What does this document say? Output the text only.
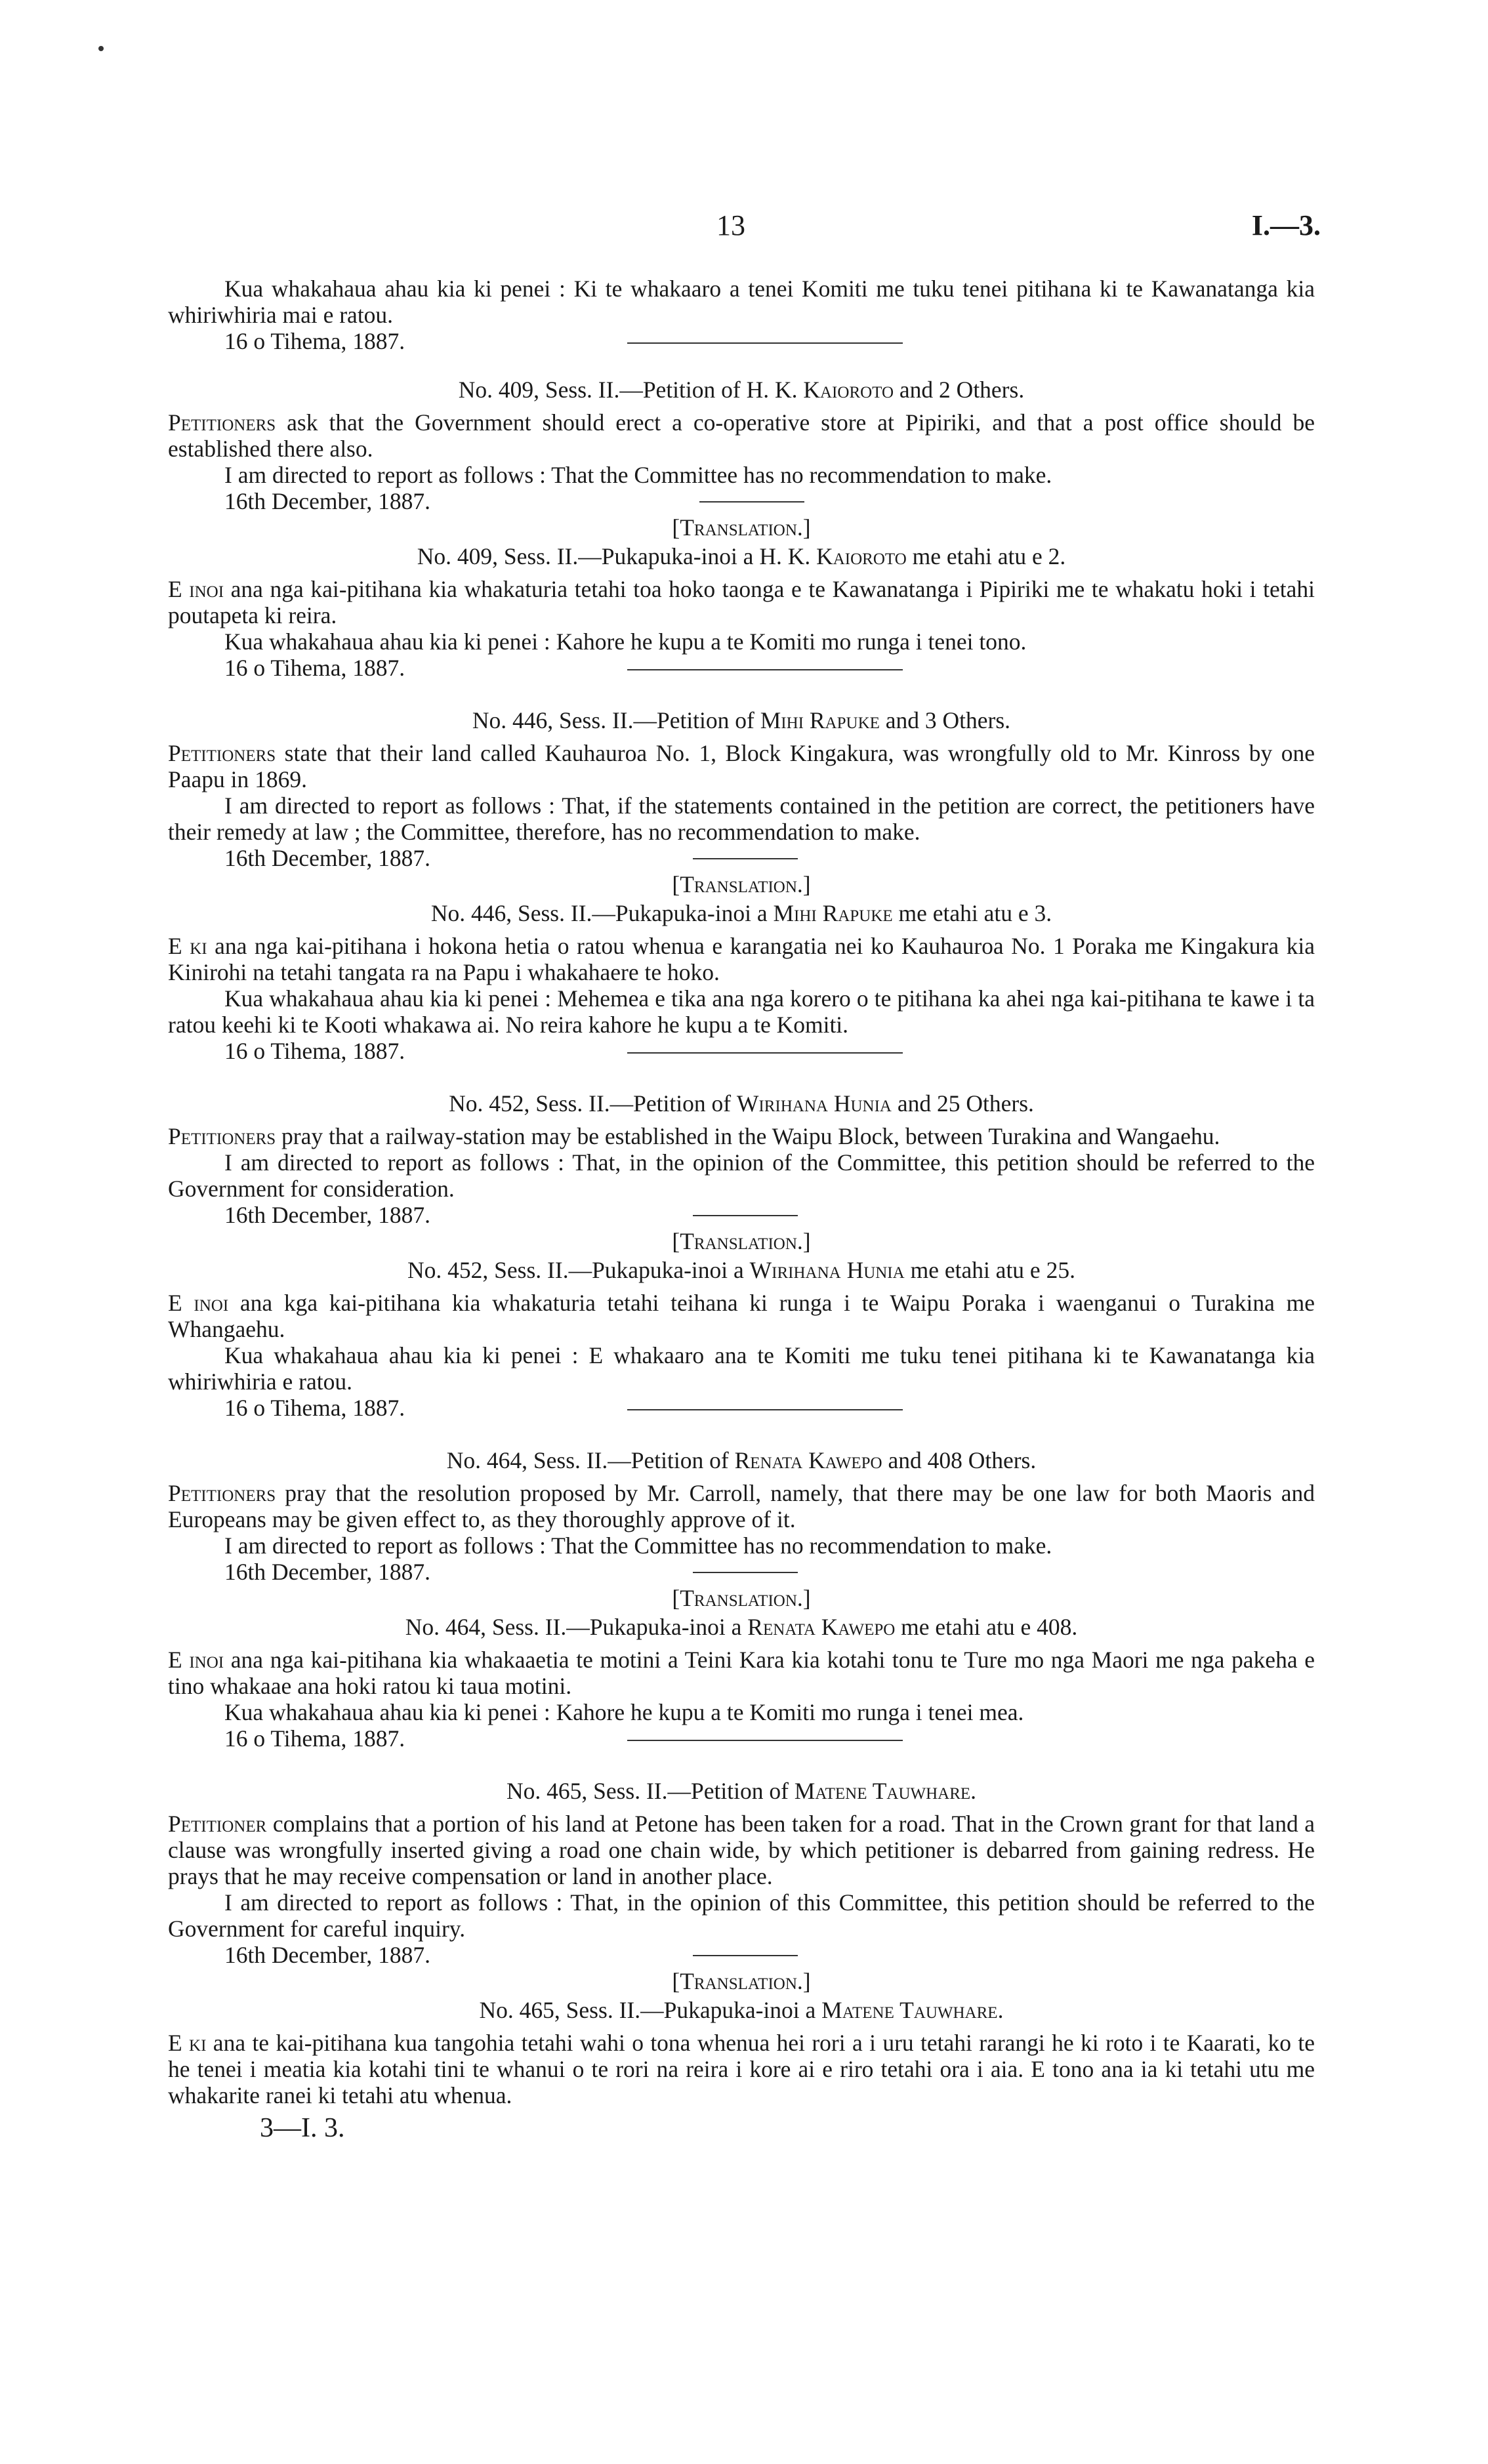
13	I.—3.

Kua whakahaua ahau kia ki penei : Ki te whakaaro a tenei Komiti me tuku tenei pitihana ki te Kawanatanga kia whiriwhiria mai e ratou.

16 o Tihema, 1887.

No. 409, Sess. II.—Petition of H. K. Kaioroto and 2 Others.

Petitioners ask that the Government should erect a co-operative store at Pipiriki, and that a post office should be established there also.

I am directed to report as follows : That the Committee has no recommendation to make.

16th December, 1887.

[Translation.]

No. 409, Sess. II.—Pukapuka-inoi a H. K. Kaioroto me etahi atu e 2.

E inoi ana nga kai-pitihana kia whakaturia tetahi toa hoko taonga e te Kawanatanga i Pipiriki me te whakatu hoki i tetahi poutapeta ki reira.

Kua whakahaua ahau kia ki penei : Kahore he kupu a te Komiti mo runga i tenei tono.

16 o Tihema, 1887.

No. 446, Sess. II.—Petition of Mihi Rapuke and 3 Others.

Petitioners state that their land called Kauhauroa No. 1, Block Kingakura, was wrongfully old to Mr. Kinross by one Paapu in 1869.

I am directed to report as follows : That, if the statements contained in the petition are correct, the petitioners have their remedy at law ; the Committee, therefore, has no recommendation to make.

16th December, 1887.

[Translation.]

No. 446, Sess. II.—Pukapuka-inoi a Mihi Rapuke me etahi atu e 3.

E ki ana nga kai-pitihana i hokona hetia o ratou whenua e karangatia nei ko Kauhauroa No. 1 Poraka me Kingakura kia Kinirohi na tetahi tangata ra na Papu i whakahaere te hoko.

Kua whakahaua ahau kia ki penei : Mehemea e tika ana nga korero o te pitihana ka ahei nga kai-pitihana te kawe i ta ratou keehi ki te Kooti whakawa ai. No reira kahore he kupu a te Komiti.

16 o Tihema, 1887.

No. 452, Sess. II.—Petition of Wirihana Hunia and 25 Others.

Petitioners pray that a railway-station may be established in the Waipu Block, between Turakina and Wangaehu.

I am directed to report as follows : That, in the opinion of the Committee, this petition should be referred to the Government for consideration.

16th December, 1887.

[Translation.]

No. 452, Sess. II.—Pukapuka-inoi a Wirihana Hunia me etahi atu e 25.

E inoi ana kga kai-pitihana kia whakaturia tetahi teihana ki runga i te Waipu Poraka i waenganui o Turakina me Whangaehu.

Kua whakahaua ahau kia ki penei : E whakaaro ana te Komiti me tuku tenei pitihana ki te Kawanatanga kia whiriwhiria e ratou.

16 o Tihema, 1887.

No. 464, Sess. II.—Petition of Renata Kawepo and 408 Others.

Petitioners pray that the resolution proposed by Mr. Carroll, namely, that there may be one law for both Maoris and Europeans may be given effect to, as they thoroughly approve of it.

I am directed to report as follows : That the Committee has no recommendation to make.

16th December, 1887.

[Translation.]

No. 464, Sess. II.—Pukapuka-inoi a Renata Kawepo me etahi atu e 408.

E inoi ana nga kai-pitihana kia whakaaetia te motini a Teini Kara kia kotahi tonu te Ture mo nga Maori me nga pakeha e tino whakaae ana hoki ratou ki taua motini.

Kua whakahaua ahau kia ki penei : Kahore he kupu a te Komiti mo runga i tenei mea.

16 o Tihema, 1887.

No. 465, Sess. II.—Petition of Matene Tauwhare.

Petitioner complains that a portion of his land at Petone has been taken for a road. That in the Crown grant for that land a clause was wrongfully inserted giving a road one chain wide, by which petitioner is debarred from gaining redress. He prays that he may receive compensation or land in another place.

I am directed to report as follows : That, in the opinion of this Committee, this petition should be referred to the Government for careful inquiry.

16th December, 1887.

[Translation.]

No. 465, Sess. II.—Pukapuka-inoi a Matene Tauwhare.

E ki ana te kai-pitihana kua tangohia tetahi wahi o tona whenua hei rori a i uru tetahi rarangi he ki roto i te Kaarati, ko te he tenei i meatia kia kotahi tini te whanui o te rori na reira i kore ai e riro tetahi ora i aia. E tono ana ia ki tetahi utu me whakarite ranei ki tetahi atu whenua.

3—I. 3.
